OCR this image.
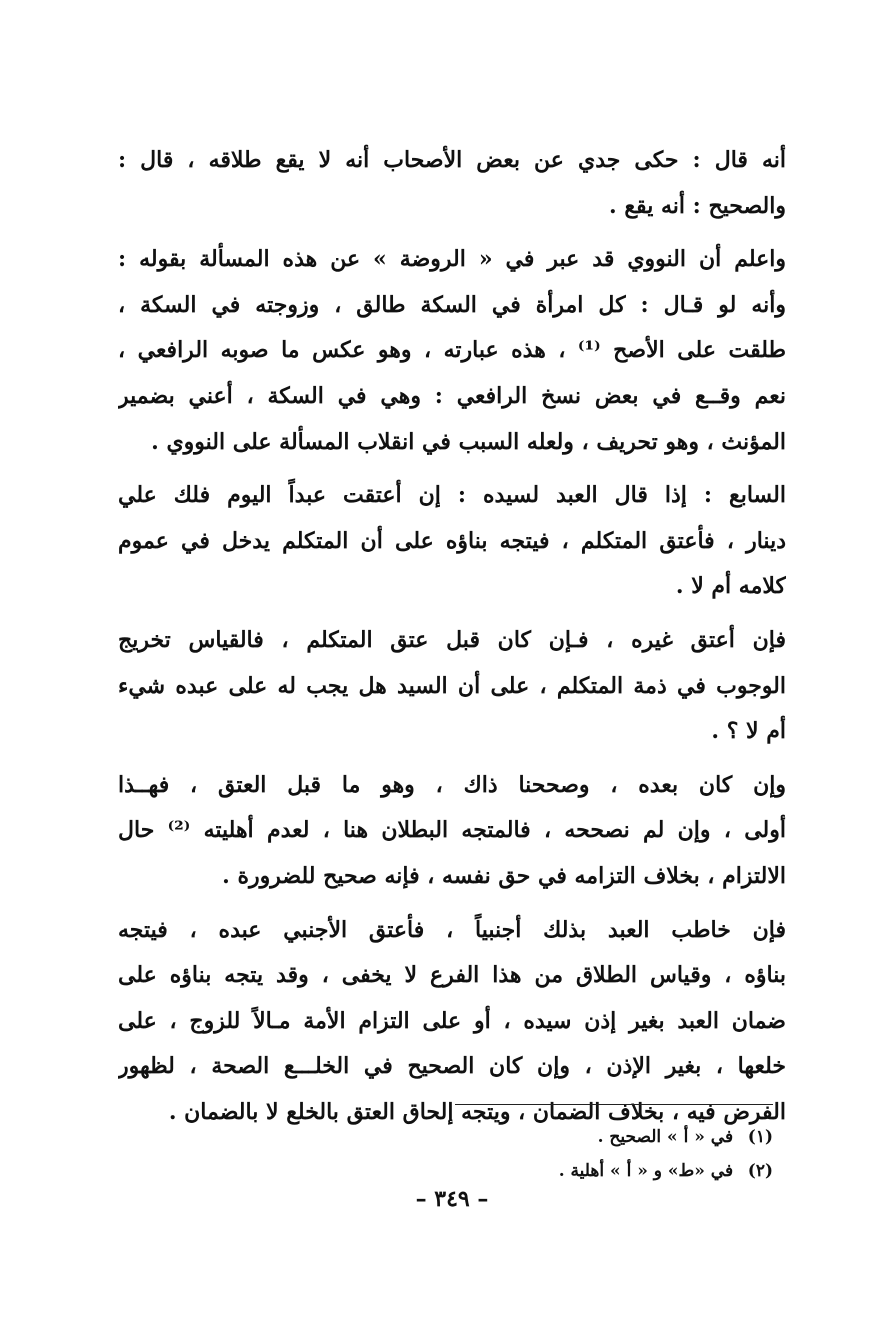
أنه قال : حكى جدي عن بعض الأصحاب أنه لا يقع طلاقه ، قال :
والصحيح : أنه يقع .
واعلم أن النووي قد عبر في « الروضة » عن هذه المسألة بقوله :
وأنه لو قـال : كل امرأة في السكة طالق ، وزوجته في السكة ،
طلقت على الأصح ⁽¹⁾ ، هذه عبارته ، وهو عكس ما صوبه الرافعي ،
نعم وقــع في بعض نسخ الرافعي : وهي في السكة ، أعني بضمير
المؤنث ، وهو تحريف ، ولعله السبب في انقلاب المسألة على النووي .
السابع : إذا قال العبد لسيده : إن أعتقت عبداً اليوم فلك علي
دينار ، فأعتق المتكلم ، فيتجه بناؤه على أن المتكلم يدخل في عموم
كلامه أم لا .
فإن أعتق غيره ، فـإن كان قبل عتق المتكلم ، فالقياس تخريج
الوجوب في ذمة المتكلم ، على أن السيد هل يجب له على عبده شيء
أم لا ؟ .
وإن كان بعده ، وصححنا ذاك ، وهو ما قبل العتق ، فهــذا
أولى ، وإن لم نصححه ، فالمتجه البطلان هنا ، لعدم أهليته ⁽²⁾ حال
الالتزام ، بخلاف التزامه في حق نفسه ، فإنه صحيح للضرورة .
فإن خاطب العبد بذلك أجنبياً ، فأعتق الأجنبي عبده ، فيتجه
بناؤه ، وقياس الطلاق من هذا الفرع لا يخفى ، وقد يتجه بناؤه على
ضمان العبد بغير إذن سيده ، أو على التزام الأمة مـالاً للزوج ، على
خلعها ، بغير الإذن ، وإن كان الصحيح في الخلـــع الصحة ، لظهور
الفرض فيه ، بخلاف الضمان ، ويتجه إلحاق العتق بالخلع لا بالضمان .
(١) في « أ » الصحيح .
(٢) في «ط» و « أ » أهلية .
– ٣٤٩ –
